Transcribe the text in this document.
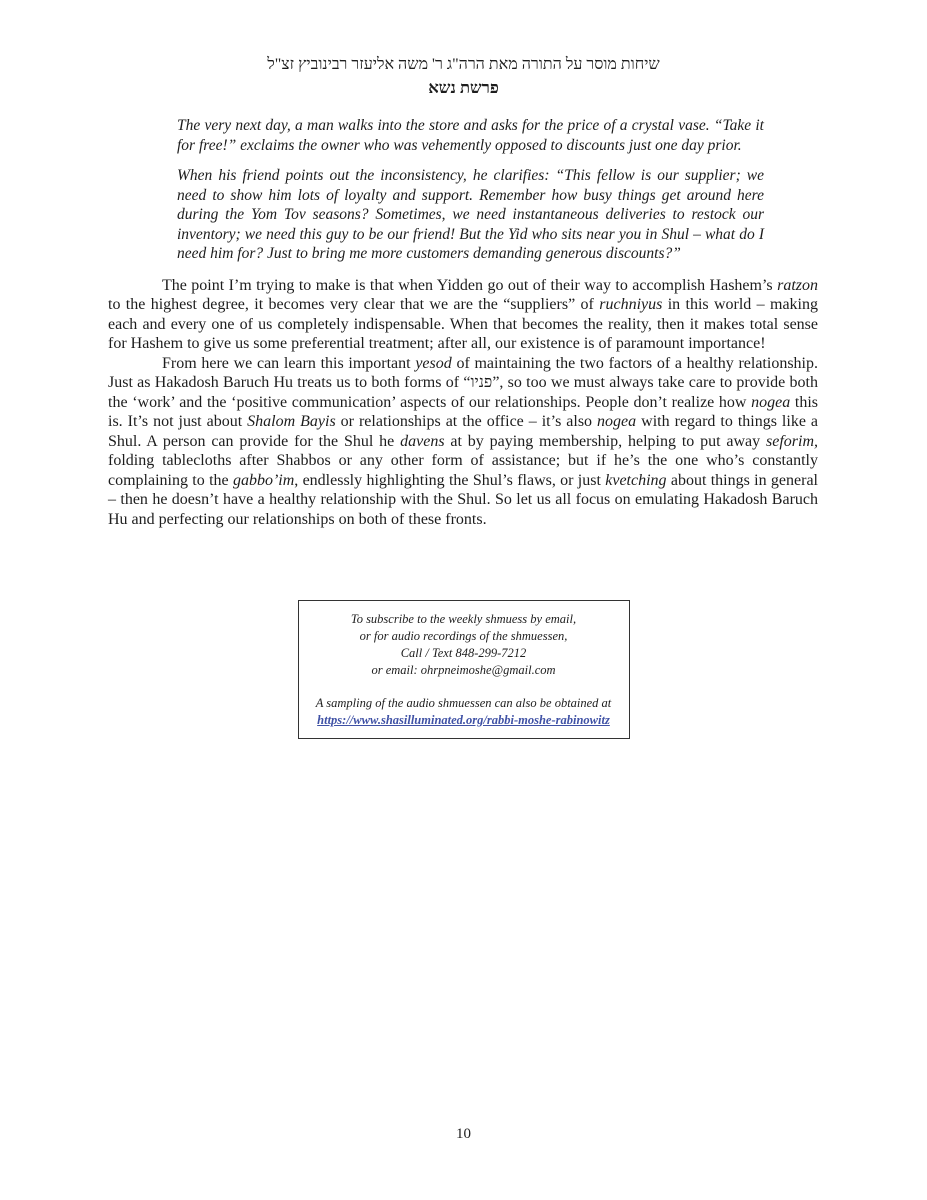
שיחות מוסר על התורה מאת הרה"ג ר' משה אליעזר רבינוביץ זצ"ל
פרשת נשא

The very next day, a man walks into the store and asks for the price of a crystal vase. “Take it for free!” exclaims the owner who was vehemently opposed to discounts just one day prior.

When his friend points out the inconsistency, he clarifies: “This fellow is our supplier; we need to show him lots of loyalty and support. Remember how busy things get around here during the Yom Tov seasons? Sometimes, we need instantaneous deliveries to restock our inventory; we need this guy to be our friend! But the Yid who sits near you in Shul – what do I need him for? Just to bring me more customers demanding generous discounts?”

The point I’m trying to make is that when Yidden go out of their way to accomplish Hashem’s ratzon to the highest degree, it becomes very clear that we are the “suppliers” of ruchniyus in this world – making each and every one of us completely indispensable. When that becomes the reality, then it makes total sense for Hashem to give us some preferential treatment; after all, our existence is of paramount importance!

From here we can learn this important yesod of maintaining the two factors of a healthy relationship. Just as Hakadosh Baruch Hu treats us to both forms of “פניו”, so too we must always take care to provide both the ‘work’ and the ‘positive communication’ aspects of our relationships. People don’t realize how nogea this is. It’s not just about Shalom Bayis or relationships at the office – it’s also nogea with regard to things like a Shul. A person can provide for the Shul he davens at by paying membership, helping to put away seforim, folding tablecloths after Shabbos or any other form of assistance; but if he’s the one who’s constantly complaining to the gabbo’im, endlessly highlighting the Shul’s flaws, or just kvetching about things in general – then he doesn’t have a healthy relationship with the Shul. So let us all focus on emulating Hakadosh Baruch Hu and perfecting our relationships on both of these fronts.

To subscribe to the weekly shmuess by email,
or for audio recordings of the shmuessen,
Call / Text 848-299-7212
or email: ohrpneimoshe@gmail.com
A sampling of the audio shmuessen can also be obtained at
https://www.shasilluminated.org/rabbi-moshe-rabinowitz
10
